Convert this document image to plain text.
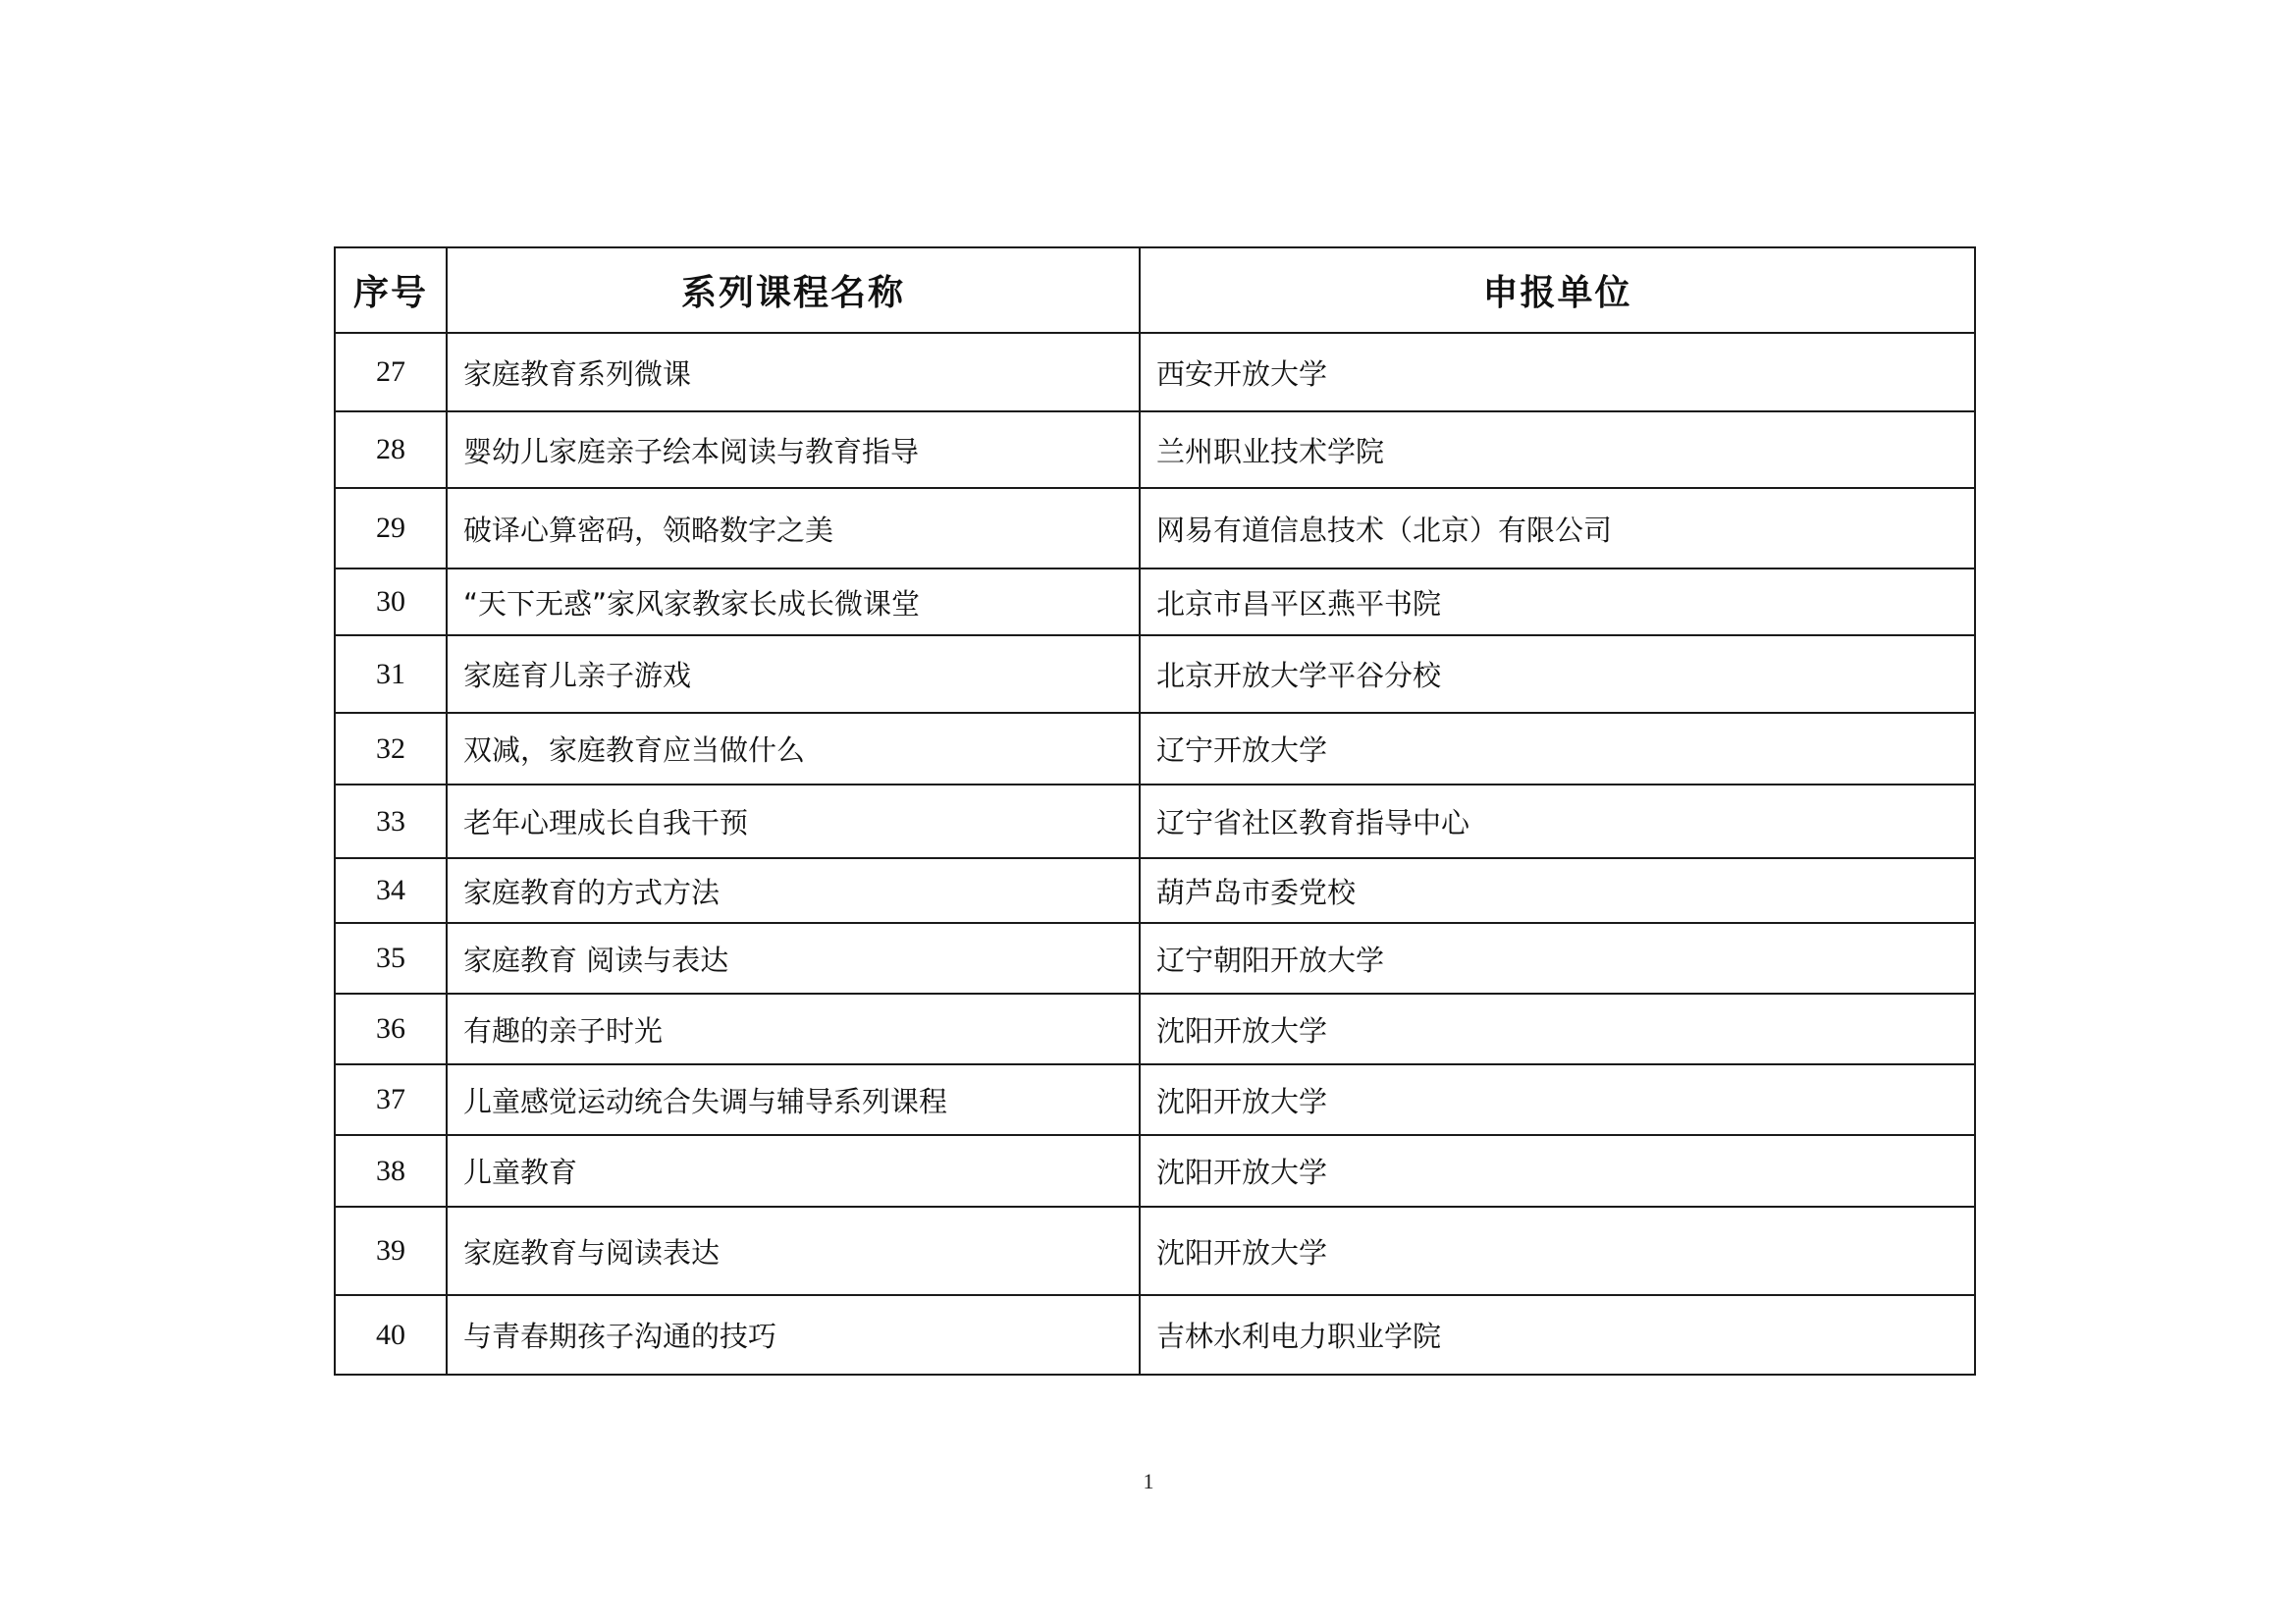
序号	系列课程名称	申报单位
27	家庭教育系列微课	西安开放大学
28	婴幼儿家庭亲子绘本阅读与教育指导	兰州职业技术学院
29	破译心算密码，领略数字之美	网易有道信息技术（北京）有限公司
30	“天下无惑”家风家教家长成长微课堂	北京市昌平区燕平书院
31	家庭育儿亲子游戏	北京开放大学平谷分校
32	双减，家庭教育应当做什么	辽宁开放大学
33	老年心理成长自我干预	辽宁省社区教育指导中心
34	家庭教育的方式方法	葫芦岛市委党校
35	家庭教育 阅读与表达	辽宁朝阳开放大学
36	有趣的亲子时光	沈阳开放大学
37	儿童感觉运动统合失调与辅导系列课程	沈阳开放大学
38	儿童教育	沈阳开放大学
39	家庭教育与阅读表达	沈阳开放大学
40	与青春期孩子沟通的技巧	吉林水利电力职业学院
1
